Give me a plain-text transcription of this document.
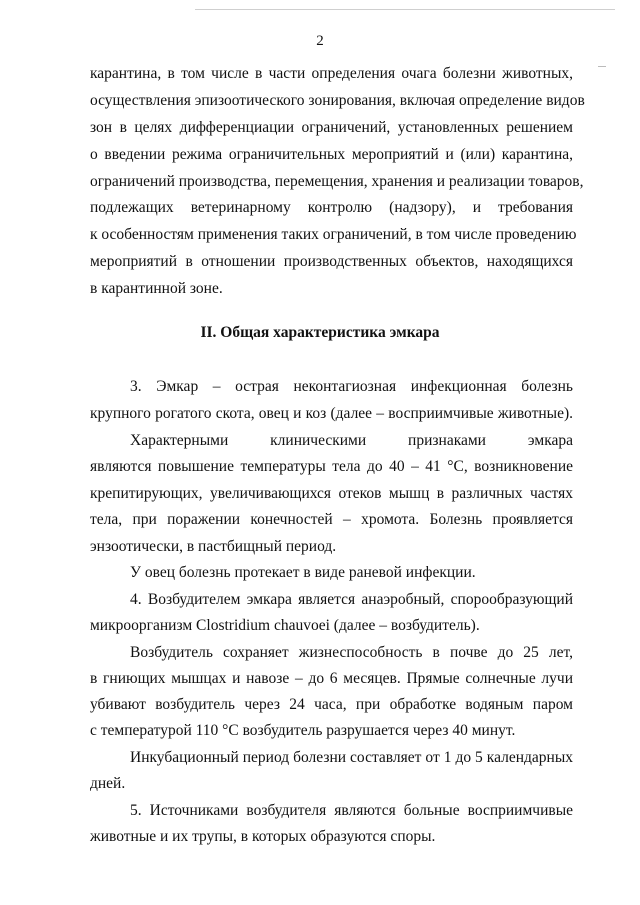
2
карантина, в том числе в части определения очага болезни животных,
осуществления эпизоотического зонирования, включая определение видов
зон в целях дифференциации ограничений, установленных решением
о введении режима ограничительных мероприятий и (или) карантина,
ограничений производства, перемещения, хранения и реализации товаров,
подлежащих ветеринарному контролю (надзору), и требования
к особенностям применения таких ограничений, в том числе проведению
мероприятий в отношении производственных объектов, находящихся
в карантинной зоне.
II. Общая характеристика эмкара
3. Эмкар – острая неконтагиозная инфекционная болезнь
крупного рогатого скота, овец и коз (далее – восприимчивые животные).
Характерными клиническими признаками эмкара
являются повышение температуры тела до 40 – 41 °С, возникновение
крепитирующих, увеличивающихся отеков мышц в различных частях
тела, при поражении конечностей – хромота. Болезнь проявляется
энзоотически, в пастбищный период.
У овец болезнь протекает в виде раневой инфекции.
4. Возбудителем эмкара является анаэробный, спорообразующий
микроорганизм Clostridium chauvoei (далее – возбудитель).
Возбудитель сохраняет жизнеспособность в почве до 25 лет,
в гниющих мышцах и навозе – до 6 месяцев. Прямые солнечные лучи
убивают возбудитель через 24 часа, при обработке водяным паром
с температурой 110 °С возбудитель разрушается через 40 минут.
Инкубационный период болезни составляет от 1 до 5 календарных
дней.
5. Источниками возбудителя являются больные восприимчивые
животные и их трупы, в которых образуются споры.
